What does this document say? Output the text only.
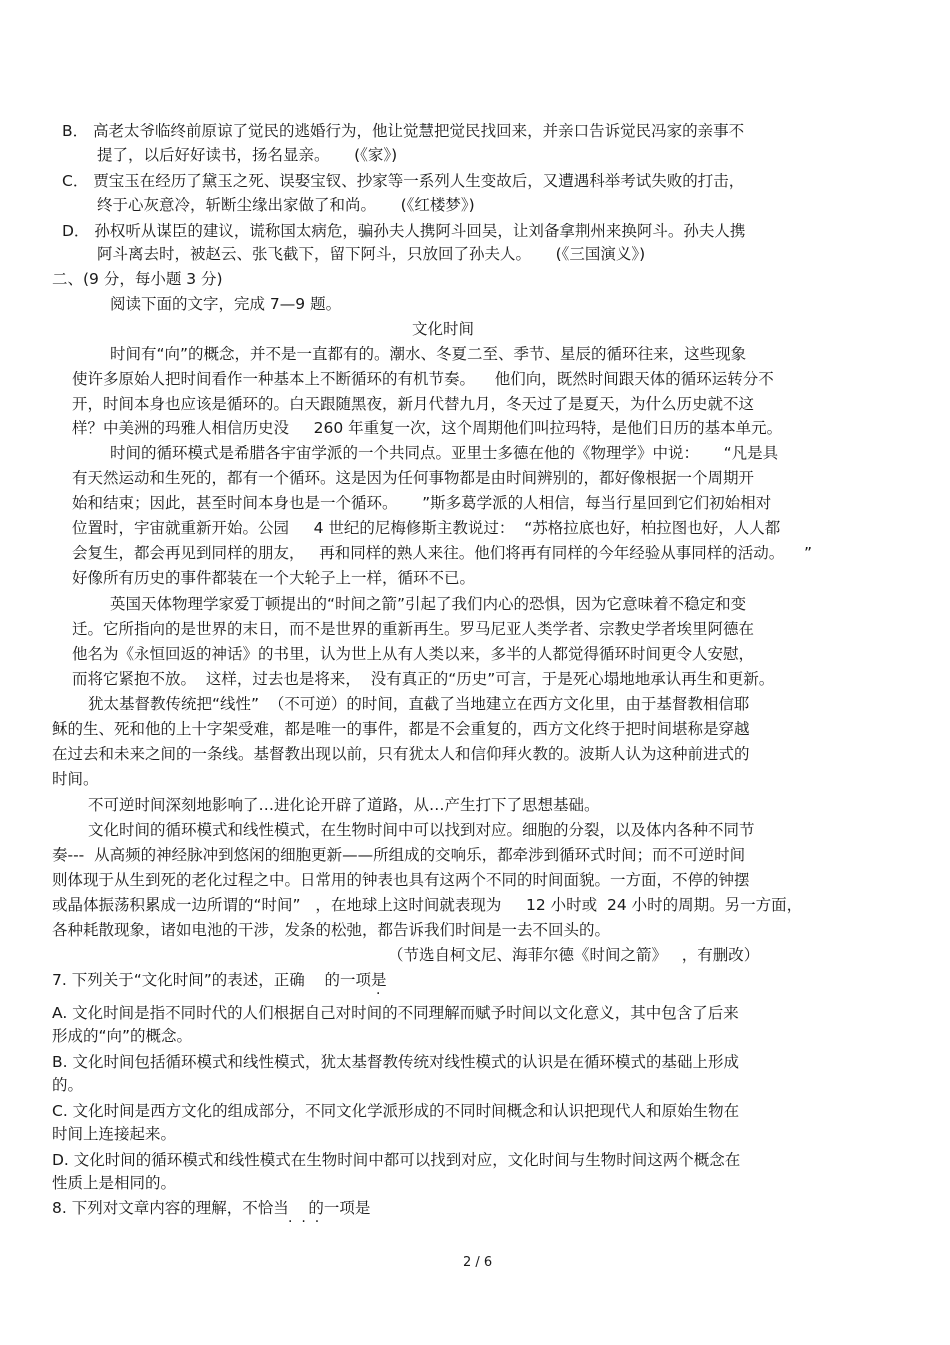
B． 高老太爷临终前原谅了觉民的逃婚行为，他让觉慧把觉民找回来，并亲口告诉觉民冯家的亲事不
提了，以后好好读书，扬名显亲。     (《家》)
C． 贾宝玉在经历了黛玉之死、误娶宝钗、抄家等一系列人生变故后，又遭遇科举考试失败的打击，
终于心灰意冷，斩断尘缘出家做了和尚。     (《红楼梦》)
D． 孙权听从谋臣的建议，谎称国太病危，骗孙夫人携阿斗回吴，让刘备拿荆州来换阿斗。孙夫人携
阿斗离去时，被赵云、张飞截下，留下阿斗，只放回了孙夫人。     (《三国演义》)
二、(9 分，每小题 3 分)
阅读下面的文字，完成 7—9 题。
文化时间
时间有“向”的概念，并不是一直都有的。潮水、冬夏二至、季节、星辰的循环往来，这些现象
使许多原始人把时间看作一种基本上不断循环的有机节奏。    他们向，既然时间跟天体的循环运转分不
开，时间本身也应该是循环的。白天跟随黑夜，新月代替九月，冬天过了是夏天，为什么历史就不这
样？中美洲的玛雅人相信历史没     260 年重复一次，这个周期他们叫拉玛特，是他们日历的基本单元。
时间的循环模式是希腊各宇宙学派的一个共同点。亚里士多德在他的《物理学》中说：     “凡是具
有天然运动和生死的，都有一个循环。这是因为任何事物都是由时间辨别的，都好像根据一个周期开
始和结束；因此，甚至时间本身也是一个循环。     ”斯多葛学派的人相信，每当行星回到它们初始相对
位置时，宇宙就重新开始。公园     4 世纪的尼梅修斯主教说过：  “苏格拉底也好，柏拉图也好，人人都
会复生，都会再见到同样的朋友，   再和同样的熟人来往。他们将再有同样的今年经验从事同样的活动。    ”
好像所有历史的事件都装在一个大轮子上一样，循环不已。
英国天体物理学家爱丁顿提出的“时间之箭”引起了我们内心的恐惧，因为它意味着不稳定和变
迁。它所指向的是世界的末日，而不是世界的重新再生。罗马尼亚人类学者、宗教史学者埃里阿德在
他名为《永恒回返的神话》的书里，认为世上从有人类以来，多半的人都觉得循环时间更令人安慰，
而将它紧抱不放。  这样，过去也是将来，  没有真正的“历史”可言，于是死心塌地地承认再生和更新。
犹太基督教传统把“线性”  （不可逆）的时间，直截了当地建立在西方文化里，由于基督教相信耶
稣的生、死和他的上十字架受难，都是唯一的事件，都是不会重复的，西方文化终于把时间堪称是穿越
在过去和未来之间的一条线。基督教出现以前，只有犹太人和信仰拜火教的。波斯人认为这种前进式的
时间。
不可逆时间深刻地影响了…进化论开辟了道路，从…产生打下了思想基础。
文化时间的循环模式和线性模式，在生物时间中可以找到对应。细胞的分裂，以及体内各种不同节
奏---  从高频的神经脉冲到悠闲的细胞更新——所组成的交响乐，都牵涉到循环式时间；而不可逆时间
则体现于从生到死的老化过程之中。日常用的钟表也具有这两个不同的时间面貌。一方面，不停的钟摆
或晶体振荡积累成一边所谓的“时间”   ，在地球上这时间就表现为     12 小时或  24 小时的周期。另一方面，
各种耗散现象，诸如电池的干涉，发条的松弛，都告诉我们时间是一去不回头的。
（节选自柯文尼、海菲尔德《时间之箭》   ，有删改）
7. 下列关于“文化时间”的表述，正确    的一项是
·
A. 文化时间是指不同时代的人们根据自己对时间的不同理解而赋予时间以文化意义，其中包含了后来
形成的“向”的概念。
B. 文化时间包括循环模式和线性模式，犹太基督教传统对线性模式的认识是在循环模式的基础上形成
的。
C. 文化时间是西方文化的组成部分，不同文化学派形成的不同时间概念和认识把现代人和原始生物在
时间上连接起来。
D. 文化时间的循环模式和线性模式在生物时间中都可以找到对应，文化时间与生物时间这两个概念在
性质上是相同的。
8. 下列对文章内容的理解，不恰当    的一项是
·  ·  ·
2 / 6
